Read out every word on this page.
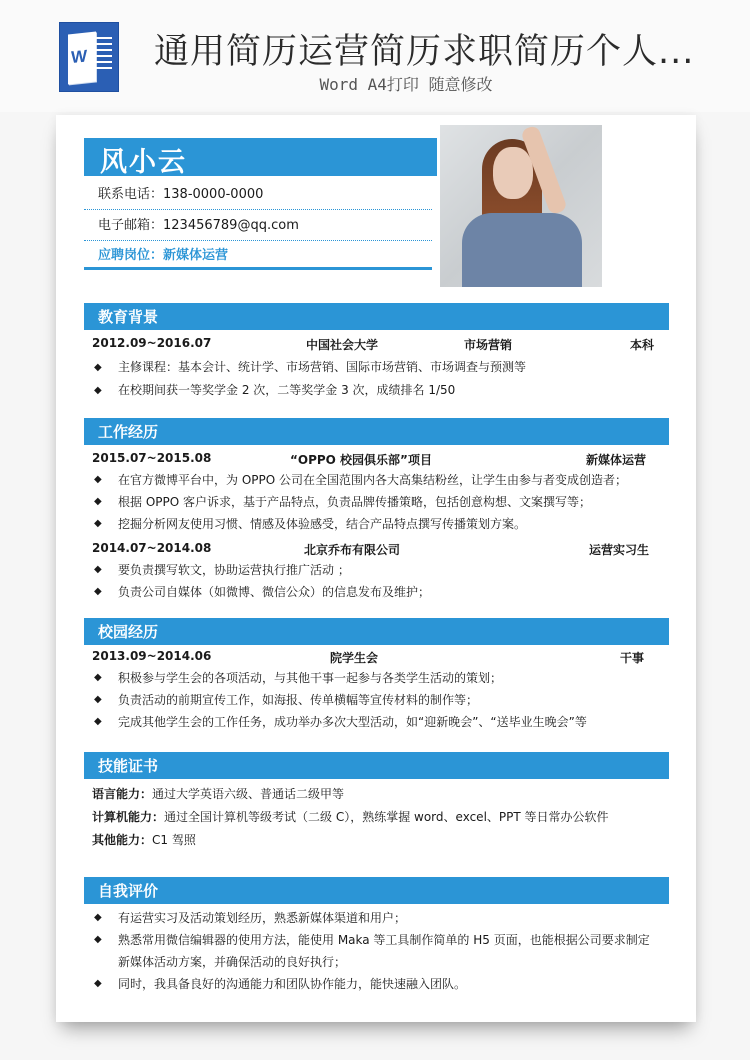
W 通用简历运营简历求职简历个人...
Word A4打印 随意修改
风小云
联系电话：138-0000-0000
电子邮箱：123456789@qq.com
应聘岗位：新媒体运营
教育背景
2012.09~2016.07	中国社会大学	市场营销	本科
◆ 主修课程：基本会计、统计学、市场营销、国际市场营销、市场调查与预测等
◆ 在校期间获一等奖学金 2 次，二等奖学金 3 次，成绩排名 1/50
工作经历
2015.07~2015.08	“OPPO 校园俱乐部”项目	新媒体运营
◆ 在官方微博平台中，为 OPPO 公司在全国范围内各大高集结粉丝，让学生由参与者变成创造者；
◆ 根据 OPPO 客户诉求，基于产品特点，负责品牌传播策略，包括创意构想、文案撰写等；
◆ 挖掘分析网友使用习惯、情感及体验感受，结合产品特点撰写传播策划方案。
2014.07~2014.08	北京乔布有限公司	运营实习生
◆ 要负责撰写软文，协助运营执行推广活动 ；
◆ 负责公司自媒体（如微博、微信公众）的信息发布及维护；
校园经历
2013.09~2014.06	院学生会	干事
◆ 积极参与学生会的各项活动，与其他干事一起参与各类学生活动的策划；
◆ 负责活动的前期宣传工作，如海报、传单横幅等宣传材料的制作等；
◆ 完成其他学生会的工作任务，成功举办多次大型活动，如“迎新晚会”、“送毕业生晚会”等
技能证书
语言能力：通过大学英语六级、普通话二级甲等
计算机能力：通过全国计算机等级考试（二级 C），熟练掌握 word、excel、PPT 等日常办公软件
其他能力：C1 驾照
自我评价
◆ 有运营实习及活动策划经历，熟悉新媒体渠道和用户；
◆ 熟悉常用微信编辑器的使用方法，能使用 Maka 等工具制作简单的 H5 页面，也能根据公司要求制定新媒体活动方案，并确保活动的良好执行；
◆ 同时，我具备良好的沟通能力和团队协作能力，能快速融入团队。
